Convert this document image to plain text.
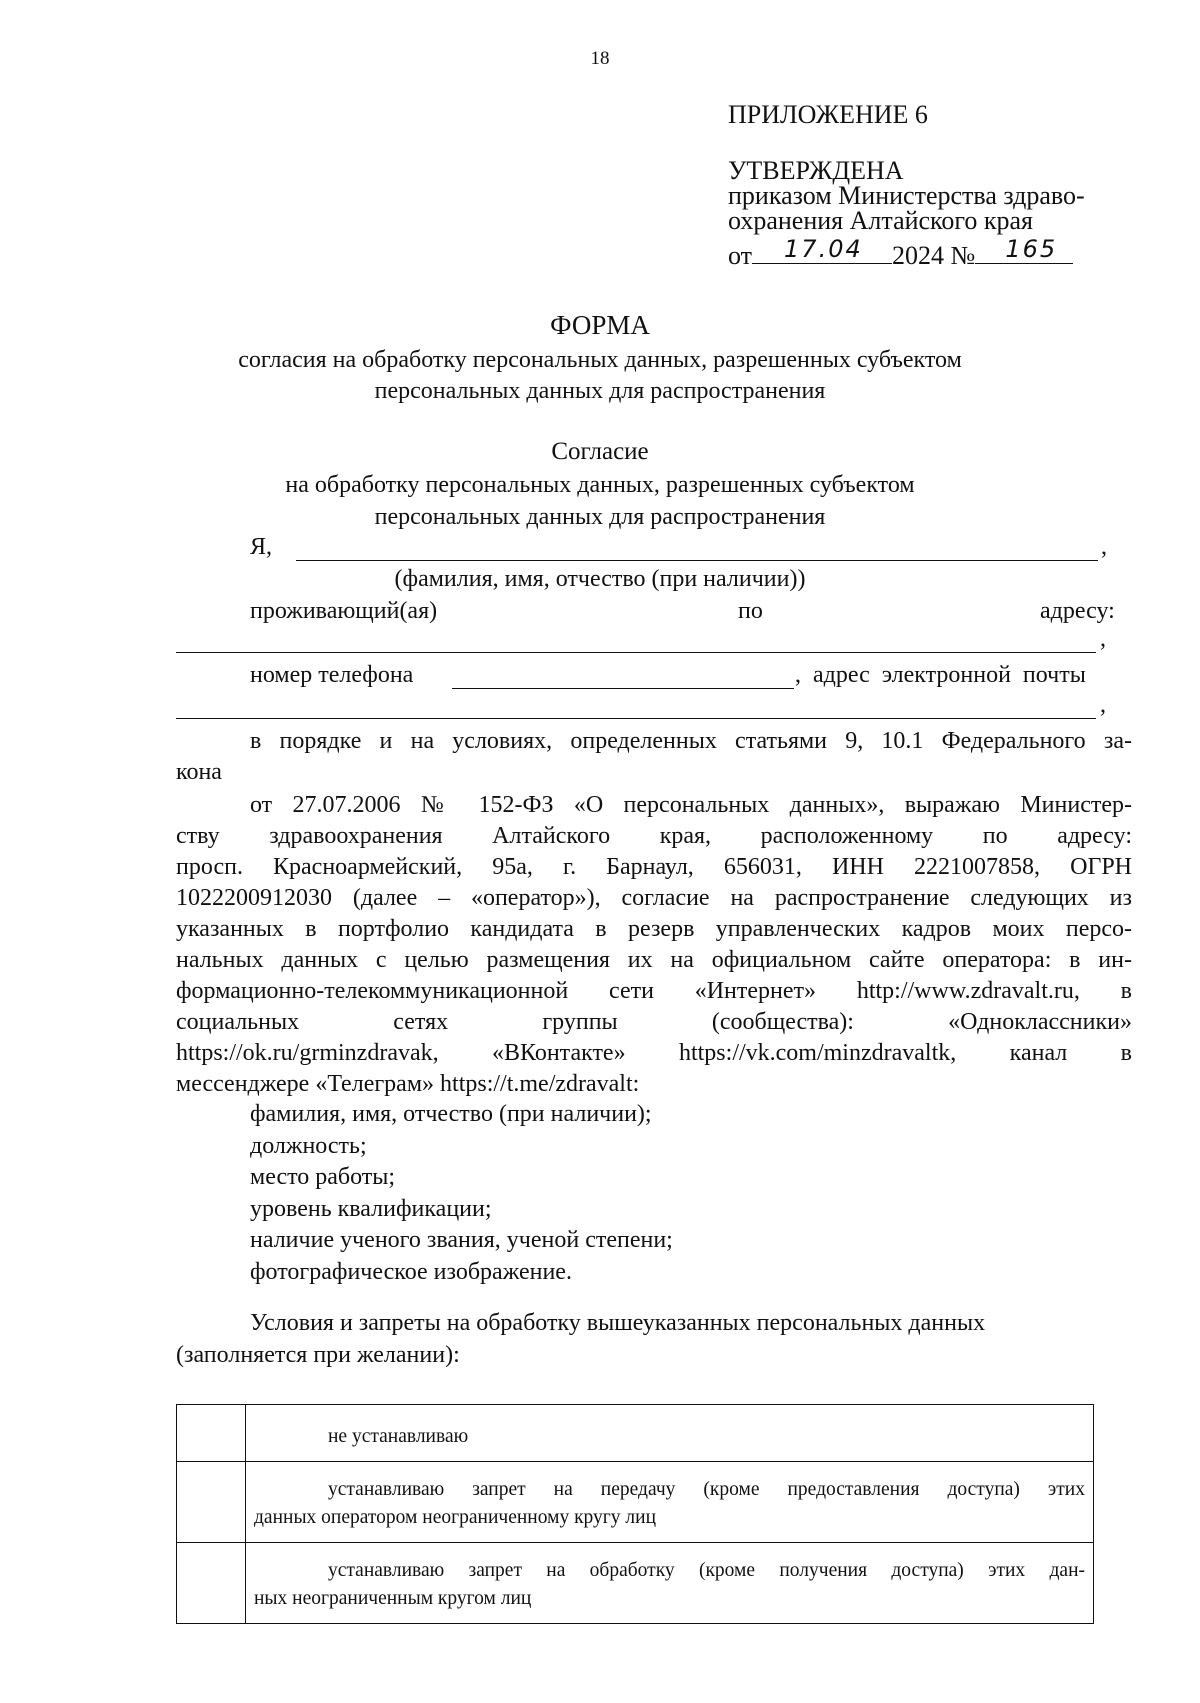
18
ПРИЛОЖЕНИЕ 6
УТВЕРЖДЕНА
приказом Министерства здраво-
охранения Алтайского края
от 17.04 2024 № 165
ФОРМА
согласия на обработку персональных данных, разрешенных субъектом
персональных данных для распространения
Согласие
на обработку персональных данных, разрешенных субъектом
персональных данных для распространения
Я,	,
(фамилия, имя, отчество (при наличии))
проживающий(ая)	по	адресу:
,
номер телефона	, адрес электронной почты
,
в порядке и на условиях, определенных статьями 9, 10.1 Федерального за-
кона
от 27.07.2006 № 152-ФЗ «О персональных данных», выражаю Министер-
ству здравоохранения Алтайского края, расположенному по адресу:
просп. Красноармейский, 95а, г. Барнаул, 656031, ИНН 2221007858, ОГРН
1022200912030 (далее – «оператор»), согласие на распространение следующих из
указанных в портфолио кандидата в резерв управленческих кадров моих персо-
нальных данных с целью размещения их на официальном сайте оператора: в ин-
формационно-телекоммуникационной сети «Интернет» http://www.zdravalt.ru, в
социальных сетях группы (сообщества): «Одноклассники»
https://ok.ru/grminzdravak, «ВКонтакте» https://vk.com/minzdravaltk, канал в
мессенджере «Телеграм» https://t.me/zdravalt:
фамилия, имя, отчество (при наличии);
должность;
место работы;
уровень квалификации;
наличие ученого звания, ученой степени;
фотографическое изображение.
Условия и запреты на обработку вышеуказанных персональных данных
(заполняется при желании):

	не устанавливаю

	устанавливаю запрет на передачу (кроме предоставления доступа) этих
данных оператором неограниченному кругу лиц

	устанавливаю запрет на обработку (кроме получения доступа) этих дан-
ных неограниченным кругом лиц
